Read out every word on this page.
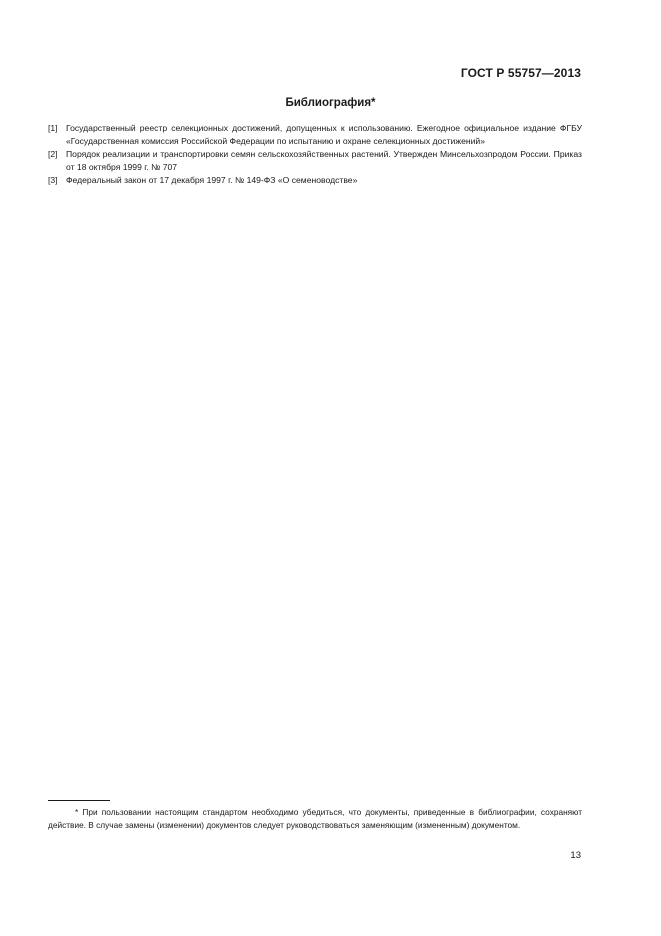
ГОСТ Р 55757—2013
Библиография*
[1] Государственный реестр селекционных достижений, допущенных к использованию. Ежегодное официальное издание ФГБУ «Государственная комиссия Российской Федерации по испытанию и охране селекционных достижений»
[2] Порядок реализации и транспортировки семян сельскохозяйственных растений. Утвержден Минсельхозпродом России. Приказ от 18 октября 1999 г. № 707
[3] Федеральный закон от 17 декабря 1997 г. № 149-ФЗ «О семеноводстве»
* При пользовании настоящим стандартом необходимо убедиться, что документы, приведенные в библиографии, сохраняют действие. В случае замены (изменении) документов следует руководствоваться заменяющим (измененным) документом.
13
